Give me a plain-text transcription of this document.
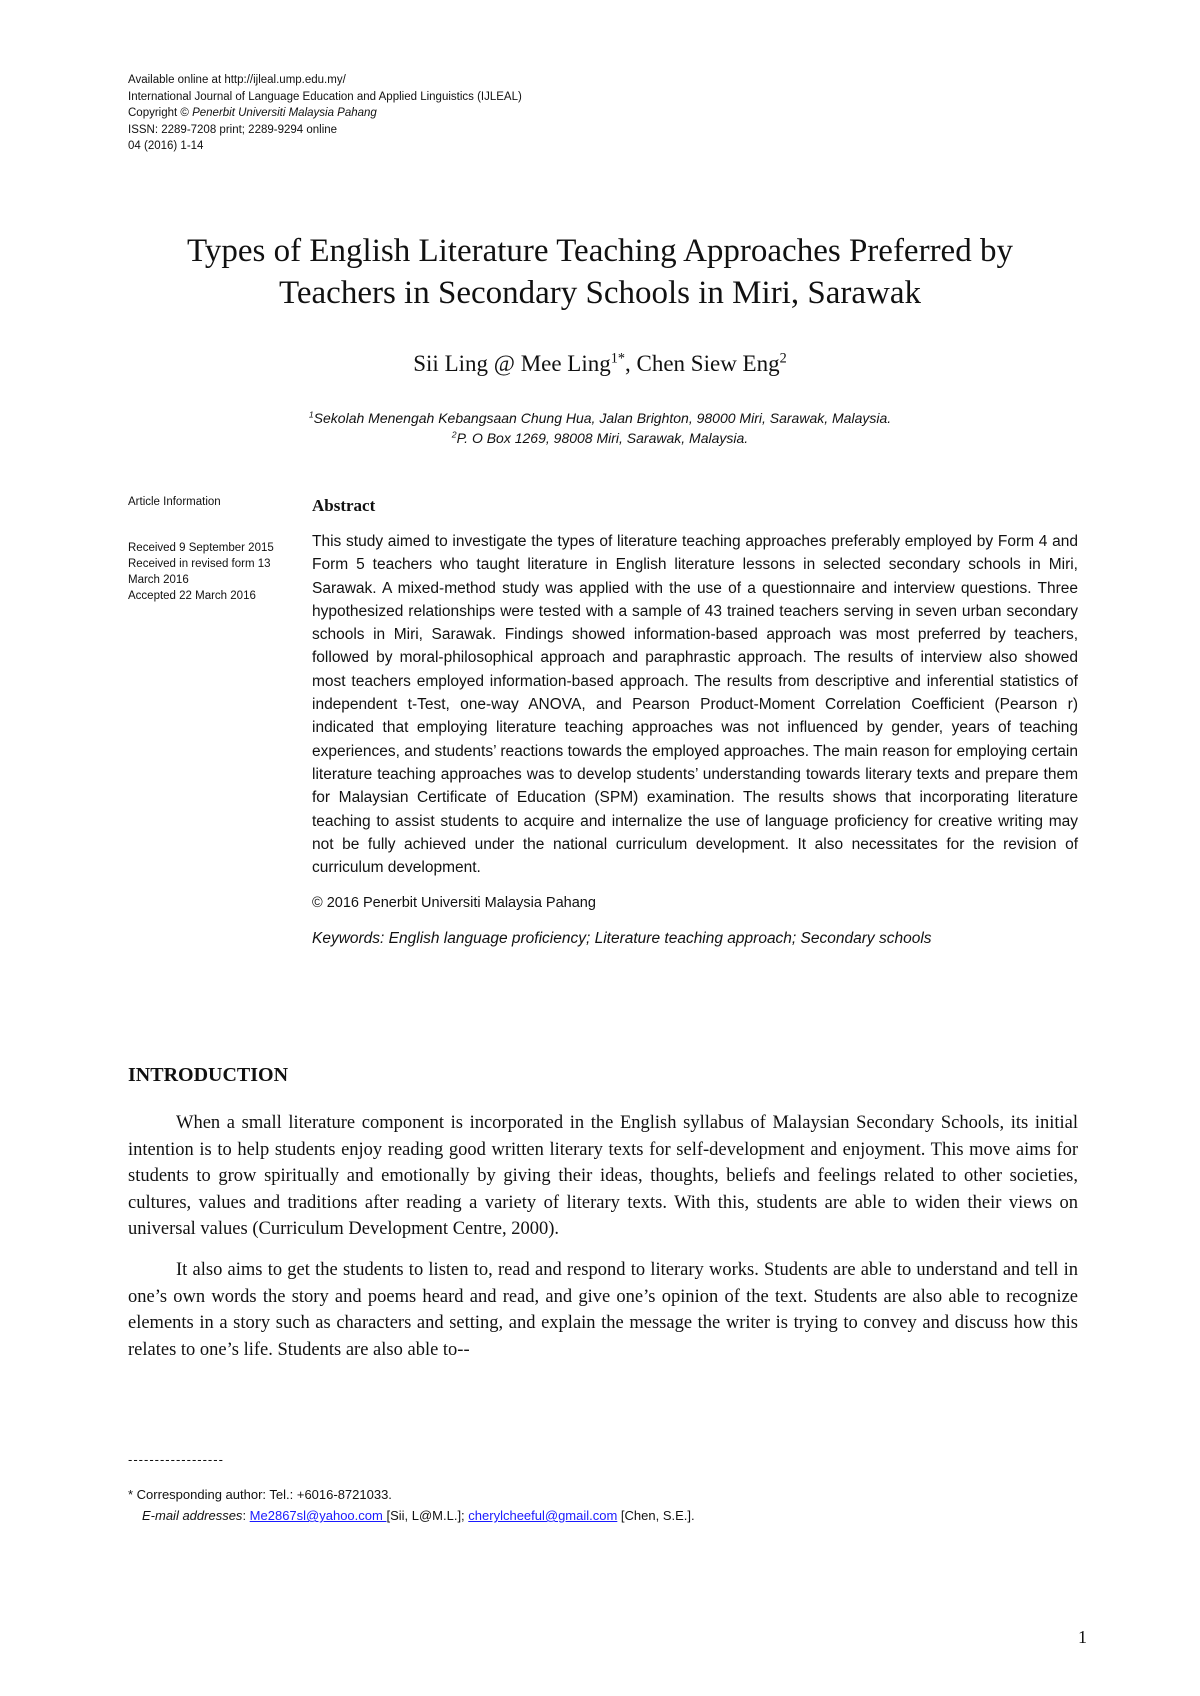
Available online at http://ijleal.ump.edu.my/
International Journal of Language Education and Applied Linguistics (IJLEAL)
Copyright © Penerbit Universiti Malaysia Pahang
ISSN: 2289-7208 print; 2289-9294 online
04 (2016) 1-14
Types of English Literature Teaching Approaches Preferred by
Teachers in Secondary Schools in Miri, Sarawak
Sii Ling @ Mee Ling$^{1*}$, Chen Siew Eng$^2$
$^1$Sekolah Menengah Kebangsaan Chung Hua, Jalan Brighton, 98000 Miri, Sarawak, Malaysia.
$^2$P. O Box 1269, 98008 Miri, Sarawak, Malaysia.
Article Information
Received 9 September 2015
Received in revised form 13 March 2016
Accepted 22 March 2016
Abstract

This study aimed to investigate the types of literature teaching approaches preferably employed by Form 4 and Form 5 teachers who taught literature in English literature lessons in selected secondary schools in Miri, Sarawak. A mixed-method study was applied with the use of a questionnaire and interview questions. Three hypothesized relationships were tested with a sample of 43 trained teachers serving in seven urban secondary schools in Miri, Sarawak. Findings showed information-based approach was most preferred by teachers, followed by moral-philosophical approach and paraphrastic approach. The results of interview also showed most teachers employed information-based approach. The results from descriptive and inferential statistics of independent t-Test, one-way ANOVA, and Pearson Product-Moment Correlation Coefficient (Pearson r) indicated that employing literature teaching approaches was not influenced by gender, years of teaching experiences, and students’ reactions towards the employed approaches. The main reason for employing certain literature teaching approaches was to develop students’ understanding towards literary texts and prepare them for Malaysian Certificate of Education (SPM) examination. The results shows that incorporating literature teaching to assist students to acquire and internalize the use of language proficiency for creative writing may not be fully achieved under the national curriculum development. It also necessitates for the revision of curriculum development.

© 2016 Penerbit Universiti Malaysia Pahang
Keywords: English language proficiency; Literature teaching approach; Secondary schools
INTRODUCTION

When a small literature component is incorporated in the English syllabus of Malaysian Secondary Schools, its initial intention is to help students enjoy reading good written literary texts for self-development and enjoyment. This move aims for students to grow spiritually and emotionally by giving their ideas, thoughts, beliefs and feelings related to other societies, cultures, values and traditions after reading a variety of literary texts. With this, students are able to widen their views on universal values (Curriculum Development Centre, 2000).

It also aims to get the students to listen to, read and respond to literary works. Students are able to understand and tell in one’s own words the story and poems heard and read, and give one’s opinion of the text. Students are also able to recognize elements in a story such as characters and setting, and explain the message the writer is trying to convey and discuss how this relates to one’s life. Students are also able to--

------------------
* Corresponding author: Tel.: +6016-8721033.
E-mail addresses: Me2867sl@yahoo.com [Sii, L@M.L.]; cherylcheeful@gmail.com [Chen, S.E.].
1
